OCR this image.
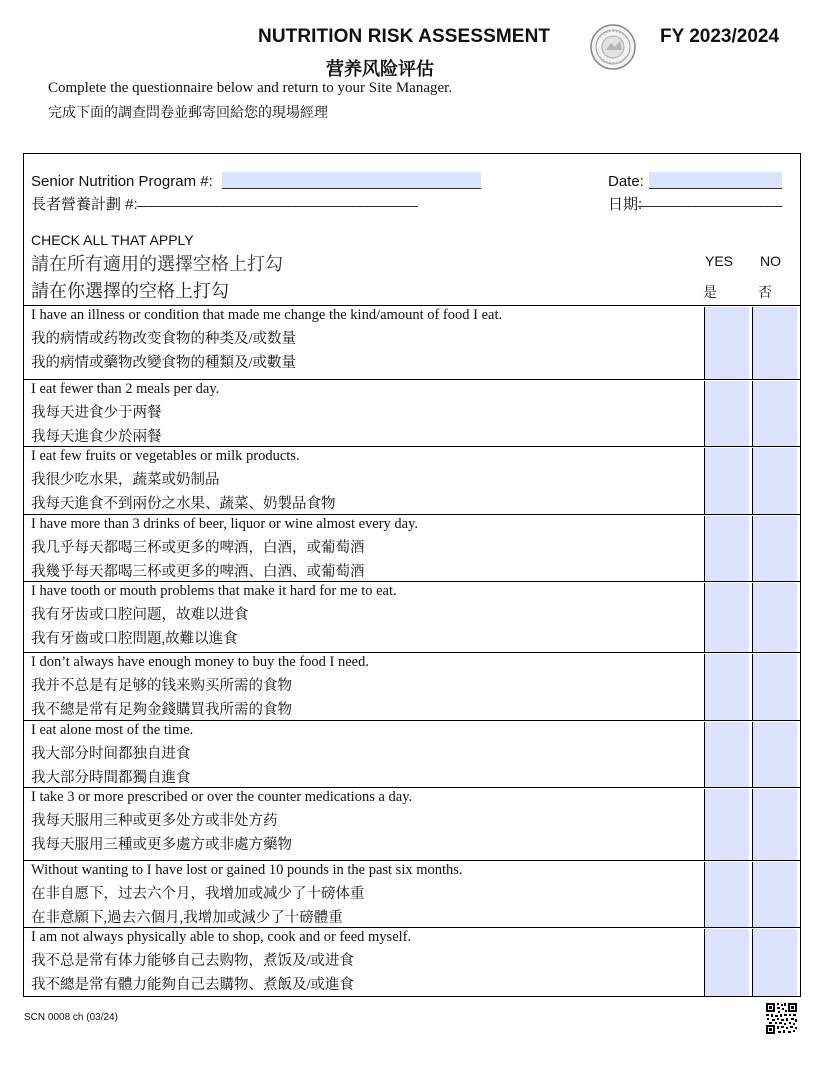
NUTRITION RISK ASSESSMENT
营养风险评估
FY 2023/2024
Complete the questionnaire below and return to your Site Manager.
完成下面的調查問卷並郵寄回給您的現場經理
Senior Nutrition Program #:
長者營養計劃 #: _______________________________________
Date:
日期:
____________________
CHECK ALL THAT APPLY
請在所有適用的選擇空格上打勾
請在你選擇的空格上打勾
YES NO
是	否
I have an illness or condition that made me change the kind/amount of food I eat.
我的病情或药物改变食物的种类及/或数量
我的病情或藥物改變食物的種類及/或數量
I eat fewer than 2 meals per day.
我每天进食少于两餐
我每天進食少於兩餐
I eat few fruits or vegetables or milk products.
我很少吃水果，蔬菜或奶制品
我每天進食不到兩份之水果、蔬菜、奶製品食物
I have more than 3 drinks of beer, liquor or wine almost every day.
我几乎每天都喝三杯或更多的啤酒，白酒，或葡萄酒
我幾乎每天都喝三杯或更多的啤酒、白酒、或葡萄酒
I have tooth or mouth problems that make it hard for me to eat.
我有牙齿或口腔问题，故难以进食
我有牙齒或口腔問題,故難以進食
I don’t always have enough money to buy the food I need.
我并不总是有足够的钱来购买所需的食物
我不總是常有足夠金錢購買我所需的食物
I eat alone most of the time.
我大部分时间都独自进食
我大部分時間都獨自進食
I take 3 or more prescribed or over the counter medications a day.
我每天服用三种或更多处方或非处方药
我每天服用三種或更多處方或非處方藥物
Without wanting to I have lost or gained 10 pounds in the past six months.
在非自愿下，过去六个月，我增加或减少了十磅体重
在非意願下,過去六個月,我增加或減少了十磅體重
I am not always physically able to shop, cook and or feed myself.
我不总是常有体力能够自己去购物，煮饭及/或进食
我不總是常有體力能夠自己去購物、煮飯及/或進食
SCN 0008 ch (03/24)
